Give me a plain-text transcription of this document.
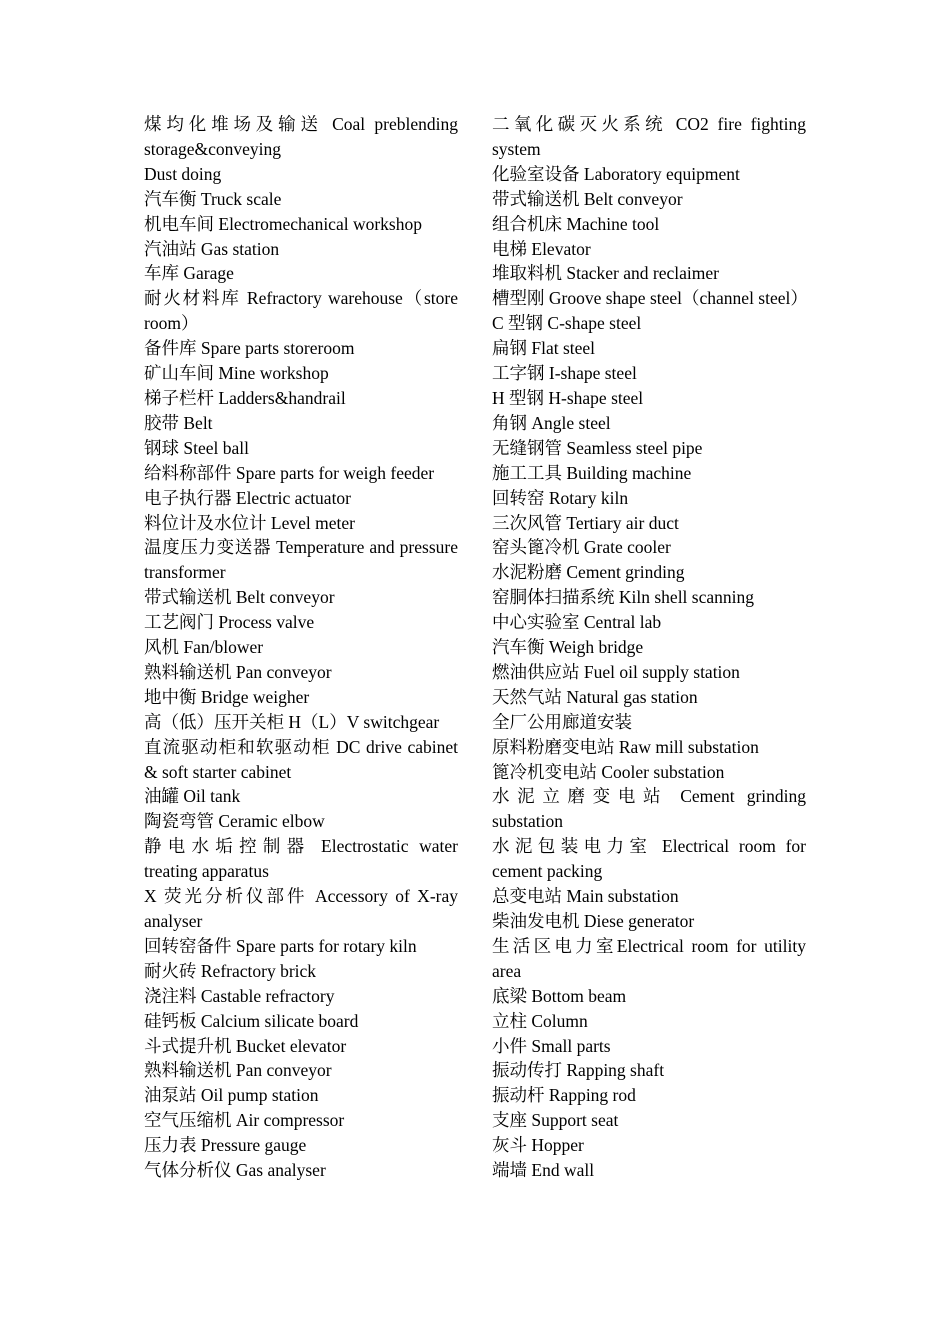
煤均化堆场及输送 Coal preblending storage&conveying
Dust doing
汽车衡 Truck scale
机电车间 Electromechanical workshop
汽油站 Gas station
车库 Garage
耐火材料库 Refractory warehouse（store room）
备件库 Spare parts storeroom
矿山车间 Mine workshop
梯子栏杆 Ladders&handrail
胶带 Belt
钢球 Steel ball
给料称部件 Spare parts for weigh feeder
电子执行器 Electric actuator
料位计及水位计 Level meter
温度压力变送器 Temperature and pressure transformer
带式输送机 Belt conveyor
工艺阀门 Process valve
风机 Fan/blower
熟料输送机 Pan conveyor
地中衡 Bridge weigher
高（低）压开关柜 H（L）V switchgear
直流驱动柜和软驱动柜 DC drive cabinet & soft starter cabinet
油罐 Oil tank
陶瓷弯管 Ceramic elbow
静电水垢控制器 Electrostatic water treating apparatus
X 荧光分析仪部件 Accessory of X-ray analyser
回转窑备件 Spare parts for rotary kiln
耐火砖 Refractory brick
浇注料 Castable refractory
硅钙板 Calcium silicate board
斗式提升机 Bucket elevator
熟料输送机 Pan conveyor
油泵站 Oil pump station
空气压缩机 Air compressor
压力表 Pressure gauge
气体分析仪 Gas analyser
二氧化碳灭火系统 CO2 fire fighting system
化验室设备 Laboratory equipment
带式输送机 Belt conveyor
组合机床 Machine tool
电梯 Elevator
堆取料机 Stacker and reclaimer
槽型刚 Groove shape steel（channel steel）
C 型钢 C-shape steel
扁钢 Flat steel
工字钢 I-shape steel
H 型钢 H-shape steel
角钢 Angle steel
无缝钢管 Seamless steel pipe
施工工具 Building machine
回转窑 Rotary kiln
三次风管 Tertiary air duct
窑头篦冷机 Grate cooler
水泥粉磨 Cement grinding
窑胴体扫描系统 Kiln shell scanning
中心实验室 Central lab
汽车衡 Weigh bridge
燃油供应站 Fuel oil supply station
天然气站 Natural gas station
全厂公用廊道安装
原料粉磨变电站 Raw mill substation
篦冷机变电站 Cooler substation
水泥立磨变电站 Cement grinding substation
水泥包装电力室 Electrical room for cement packing
总变电站 Main substation
柴油发电机 Diese generator
生活区电力室Electrical room for utility area
底梁 Bottom beam
立柱 Column
小件 Small parts
振动传打 Rapping shaft
振动杆 Rapping rod
支座 Support seat
灰斗 Hopper
端墙 End wall
